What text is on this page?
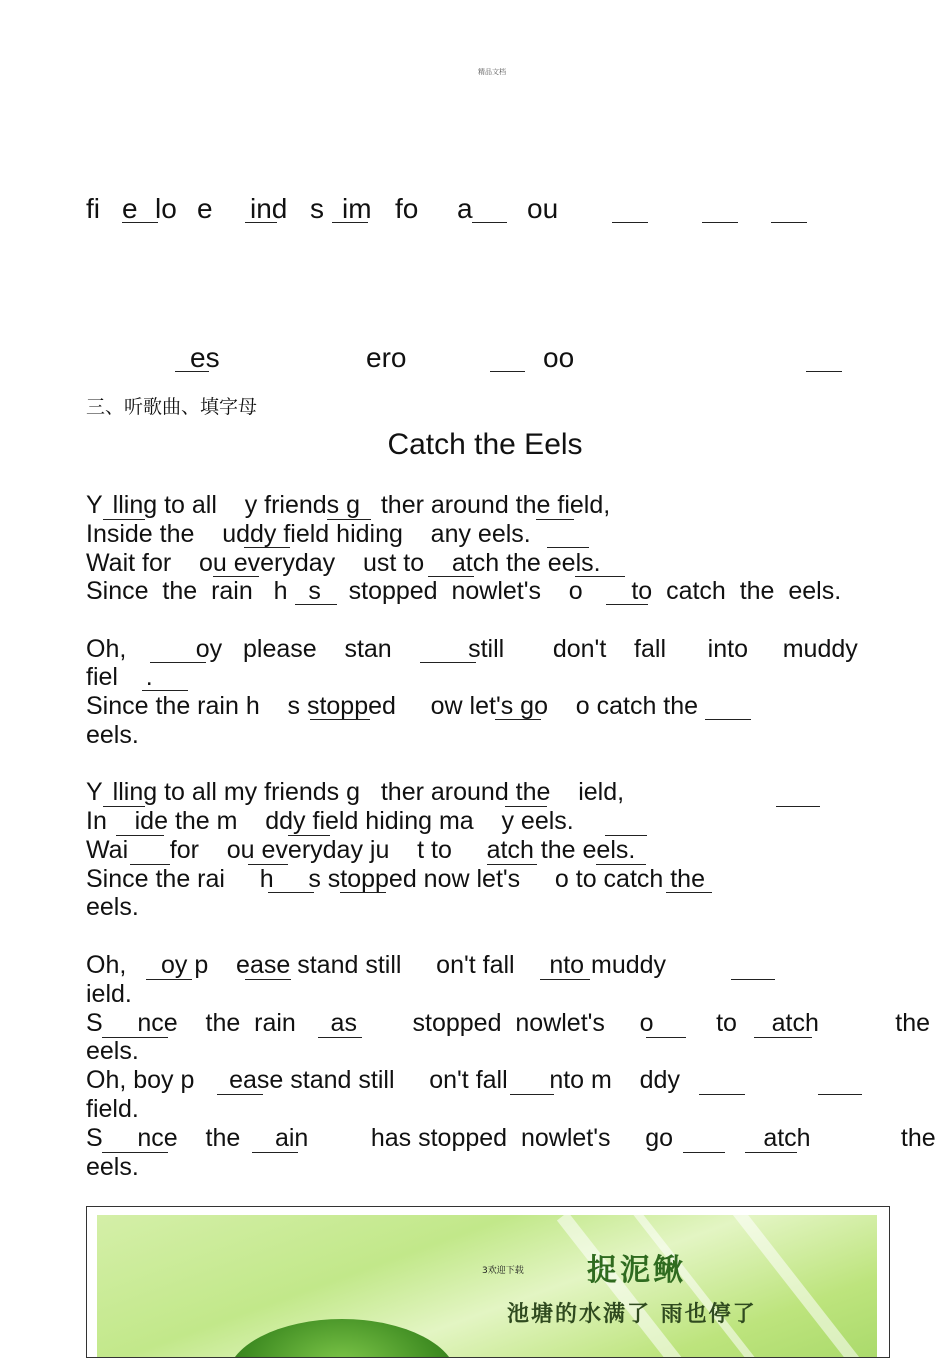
精品文档
fi e lo e ind s im fo a ou
es	ero	oo
三、听歌曲、填字母
Catch the Eels
Y  lling to all    y friends g   ther around the field,
Inside the    uddy field hiding    any eels.
Wait for    ou everyday    ust to    atch the eels.
Since  the  rain   h   s    stopped  nowlet's    o       to  catch  the  eels.
Oh,          oy   please    stan           still       don't    fall      into     muddy
fiel    .
Since the rain h    s stopped     ow let's go    o catch the
eels.
Y  lling to all my friends g   ther around the    ield,
In    ide the m    ddy field hiding ma    y eels.
Wai      for    ou everyday ju    t to     atch the eels.
Since the rai     h     s stopped now let's     o to catch the
eels.
Oh,     oy p    ease stand still     on't fall     nto muddy
ield.
S     nce    the  rain     as        stopped  nowlet's     o         to     atch           the
eels.
Oh, boy p     ease stand still     on't fall      nto m    ddy
field.
S     nce    the     ain         has stopped  nowlet's     go             atch             the
eels.
3欢迎下载 捉泥鳅
池塘的水满了 雨也停了
